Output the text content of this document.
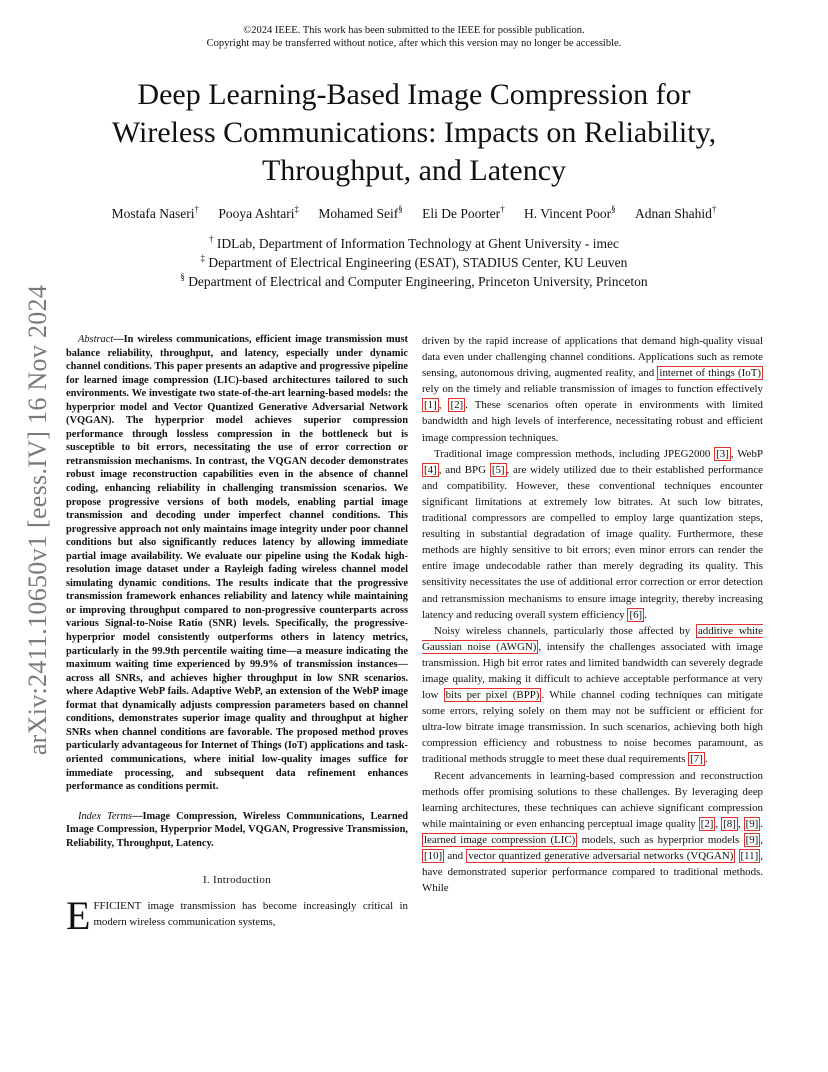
©2024 IEEE. This work has been submitted to the IEEE for possible publication.
Copyright may be transferred without notice, after which this version may no longer be accessible.
arXiv:2411.10650v1 [eess.IV] 16 Nov 2024
Deep Learning-Based Image Compression for
Wireless Communications: Impacts on Reliability,
Throughput, and Latency
Mostafa Naseri† Pooya Ashtari‡ Mohamed Seif§ Eli De Poorter† H. Vincent Poor§ Adnan Shahid†
† IDLab, Department of Information Technology at Ghent University - imec
‡ Department of Electrical Engineering (ESAT), STADIUS Center, KU Leuven
§ Department of Electrical and Computer Engineering, Princeton University, Princeton

Abstract—In wireless communications, efficient image transmission must balance reliability, throughput, and latency, especially under dynamic channel conditions. This paper presents an adaptive and progressive pipeline for learned image compression (LIC)-based architectures tailored to such environments. We investigate two state-of-the-art learning-based models: the hyperprior model and Vector Quantized Generative Adversarial Network (VQGAN). The hyperprior model achieves superior compression performance through lossless compression in the bottleneck but is susceptible to bit errors, necessitating the use of error correction or retransmission mechanisms. In contrast, the VQGAN decoder demonstrates robust image reconstruction capabilities even in the absence of channel coding, enhancing reliability in challenging transmission scenarios. We propose progressive versions of both models, enabling partial image transmission and decoding under imperfect channel conditions. This progressive approach not only maintains image integrity under poor channel conditions but also significantly reduces latency by allowing immediate partial image availability. We evaluate our pipeline using the Kodak high-resolution image dataset under a Rayleigh fading wireless channel model simulating dynamic conditions. The results indicate that the progressive transmission framework enhances reliability and latency while maintaining or improving throughput compared to non-progressive counterparts across various Signal-to-Noise Ratio (SNR) levels. Specifically, the progressive-hyperprior model consistently outperforms others in latency metrics, particularly in the 99.9th percentile waiting time—a measure indicating the maximum waiting time experienced by 99.9% of transmission instances—across all SNRs, and achieves higher throughput in low SNR scenarios. where Adaptive WebP fails. Adaptive WebP, an extension of the WebP image format that dynamically adjusts compression parameters based on channel conditions, demonstrates superior image quality and throughput at higher SNRs when channel conditions are favorable. The proposed method proves particularly advantageous for Internet of Things (IoT) applications and task-oriented communications, where initial low-quality images suffice for immediate processing, and subsequent data refinement enhances performance as conditions permit.

Index Terms—Image Compression, Wireless Communications, Learned Image Compression, Hyperprior Model, VQGAN, Progressive Transmission, Reliability, Throughput, Latency.

I. Introduction

EFFICIENT image transmission has become increasingly critical in modern wireless communication systems,

driven by the rapid increase of applications that demand high-quality visual data even under challenging channel conditions. Applications such as remote sensing, autonomous driving, augmented reality, and internet of things (IoT) rely on the timely and reliable transmission of images to function effectively [1] , [2] . These scenarios often operate in environments with limited bandwidth and high levels of interference, necessitating robust and efficient image compression techniques.

Traditional image compression methods, including JPEG2000 [3] , WebP [4] , and BPG [5] , are widely utilized due to their established performance and compatibility. However, these conventional techniques encounter significant limitations at extremely low bitrates. At such low bitrates, traditional compressors are compelled to employ large quantization steps, resulting in substantial degradation of image quality. Furthermore, these methods are highly sensitive to bit errors; even minor errors can render the entire image undecodable rather than merely degrading its quality. This sensitivity necessitates the use of additional error correction or error detection and retransmission mechanisms to ensure image integrity, thereby increasing latency and reducing overall system efficiency [6] .

Noisy wireless channels, particularly those affected by additive white Gaussian noise (AWGN) , intensify the challenges associated with image transmission. High bit error rates and limited bandwidth can severely degrade image quality, making it difficult to achieve acceptable performance at very low bits per pixel (BPP) . While channel coding techniques can mitigate some errors, relying solely on them may not be sufficient or efficient for ultra-low bitrate image transmission. In such scenarios, achieving both high compression efficiency and robustness to noise becomes paramount, as traditional methods struggle to meet these dual requirements [7] .

Recent advancements in learning-based compression and reconstruction methods offer promising solutions to these challenges. By leveraging deep learning architectures, these techniques can achieve significant compression while maintaining or even enhancing perceptual image quality [2] , [8] , [9] . learned image compression (LIC) models, such as hyperprior models [9] , [10] and vector quantized generative adversarial networks (VQGAN) [11] , have demonstrated superior performance compared to traditional methods. While
